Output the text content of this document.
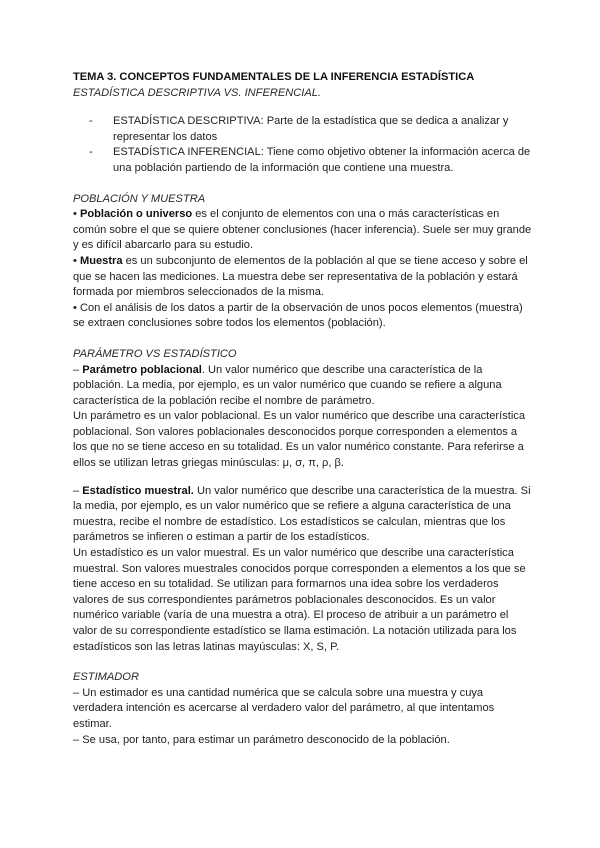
TEMA 3. CONCEPTOS FUNDAMENTALES DE LA INFERENCIA ESTADÍSTICA

ESTADÍSTICA DESCRIPTIVA VS. INFERENCIAL.

- ESTADÍSTICA DESCRIPTIVA: Parte de la estadística que se dedica a analizar y representar los datos
- ESTADÍSTICA INFERENCIAL: Tiene como objetivo obtener la información acerca de una población partiendo de la información que contiene una muestra.

POBLACIÓN Y MUESTRA

• Población o universo es el conjunto de elementos con una o más características en común sobre el que se quiere obtener conclusiones (hacer inferencia). Suele ser muy grande y es difícil abarcarlo para su estudio.

• Muestra es un subconjunto de elementos de la población al que se tiene acceso y sobre el que se hacen las mediciones. La muestra debe ser representativa de la población y estará formada por miembros seleccionados de la misma.

• Con el análisis de los datos a partir de la observación de unos pocos elementos (muestra) se extraen conclusiones sobre todos los elementos (población).

PARÁMETRO VS ESTADÍSTICO

– Parámetro poblacional. Un valor numérico que describe una característica de la población. La media, por ejemplo, es un valor numérico que cuando se refiere a alguna característica de la población recibe el nombre de parámetro.

Un parámetro es un valor poblacional. Es un valor numérico que describe una característica poblacional. Son valores poblacionales desconocidos porque corresponden a elementos a los que no se tiene acceso en su totalidad. Es un valor numérico constante. Para referirse a ellos se utilizan letras griegas minúsculas: μ, σ, π, ρ, β.

– Estadístico muestral. Un valor numérico que describe una característica de la muestra. Si la media, por ejemplo, es un valor numérico que se refiere a alguna característica de una muestra, recibe el nombre de estadístico. Los estadísticos se calculan, mientras que los parámetros se infieren o estiman a partir de los estadísticos.

Un estadístico es un valor muestral. Es un valor numérico que describe una característica muestral. Son valores muestrales conocidos porque corresponden a elementos a los que se tiene acceso en su totalidad. Se utilizan para formarnos una idea sobre los verdaderos valores de sus correspondientes parámetros poblacionales desconocidos. Es un valor numérico variable (varía de una muestra a otra). El proceso de atribuir a un parámetro el valor de su correspondiente estadístico se llama estimación. La notación utilizada para los estadísticos son las letras latinas mayúsculas: X, S, P.

ESTIMADOR

– Un estimador es una cantidad numérica que se calcula sobre una muestra y cuya verdadera intención es acercarse al verdadero valor del parámetro, al que intentamos estimar.

– Se usa, por tanto, para estimar un parámetro desconocido de la población.
